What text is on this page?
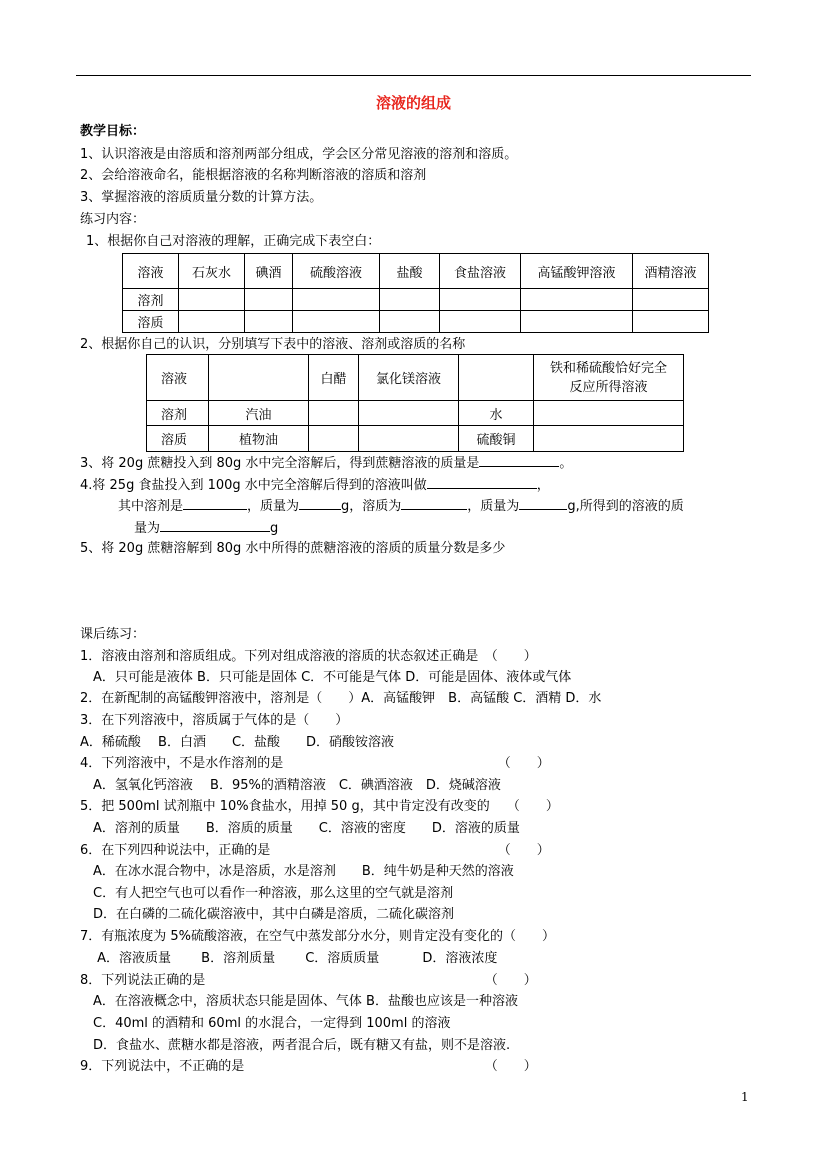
溶液的组成
教学目标：
1、认识溶液是由溶质和溶剂两部分组成，学会区分常见溶液的溶剂和溶质。
2、会给溶液命名，能根据溶液的名称判断溶液的溶质和溶剂
3、掌握溶液的溶质质量分数的计算方法。
练习内容：
1、根据你自己对溶液的理解，正确完成下表空白：
溶液	石灰水	碘酒	硫酸溶液	盐酸	食盐溶液	高锰酸钾溶液	酒精溶液
溶剂							
溶质							
2、根据你自己的认识，分别填写下表中的溶液、溶剂或溶质的名称
溶液		白醋	氯化镁溶液		铁和稀硫酸恰好完全
反应所得溶液
溶剂	汽油			水	
溶质	植物油			硫酸铜	
3、将 20g 蔗糖投入到 80g 水中完全溶解后，得到蔗糖溶液的质量是	。
4.将 25g 食盐投入到 100g 水中完全溶解后得到的溶液叫做	，
其中溶剂是	，质量为	g，溶质为	，质量为	g,所得到的溶液的质
量为	g
5、将 20g 蔗糖溶解到 80g 水中所得的蔗糖溶液的溶质的质量分数是多少
课后练习：
1．溶液由溶剂和溶质组成。下列对组成溶液的溶质的状态叙述正确是　（　　）
　A．只可能是液体 B．只可能是固体 C．不可能是气体 D．可能是固体、液体或气体
2．在新配制的高锰酸钾溶液中，溶剂是（　　）A．高锰酸钾　B．高锰酸 C．酒精 D．水
3．在下列溶液中，溶质属于气体的是（　　）
A．稀硫酸　 B．白酒　　C．盐酸　　D．硝酸铵溶液
4．下列溶液中，不是水作溶剂的是　　　　　　　　　　　　　　　　　（　　）
　A．氢氧化钙溶液　 B．95%的酒精溶液　C．碘酒溶液　D．烧碱溶液
5．把 500ml 试剂瓶中 10%食盐水，用掉 50 g，其中肯定没有改变的　 （　　）
　A．溶剂的质量　　B．溶质的质量　　C．溶液的密度　　D．溶液的质量
6．在下列四种说法中，正确的是　　　　　　　　　　　　　　　　　　（　　）
　A．在冰水混合物中，冰是溶质，水是溶剂　　B．纯牛奶是种天然的溶液
　C．有人把空气也可以看作一种溶液，那么这里的空气就是溶剂
　D．在白磷的二硫化碳溶液中，其中白磷是溶质，二硫化碳溶剂
7．有瓶浓度为 5%硫酸溶液，在空气中蒸发部分水分，则肯定没有变化的（　　）
　 A．溶液质量　　 B．溶剂质量　　 C．溶质质量　　　 D．溶液浓度
8．下列说法正确的是　　　　　　　　　　　　　　　　　　　　　　（　　）
　A．在溶液概念中，溶质状态只能是固体、气体 B．盐酸也应该是一种溶液
　C．40ml 的酒精和 60ml 的水混合，一定得到 100ml 的溶液
　D．食盐水、蔗糖水都是溶液，两者混合后，既有糖又有盐，则不是溶液.
9．下列说法中，不正确的是　　　　　　　　　　　　　　　　　　　（　　）
1
